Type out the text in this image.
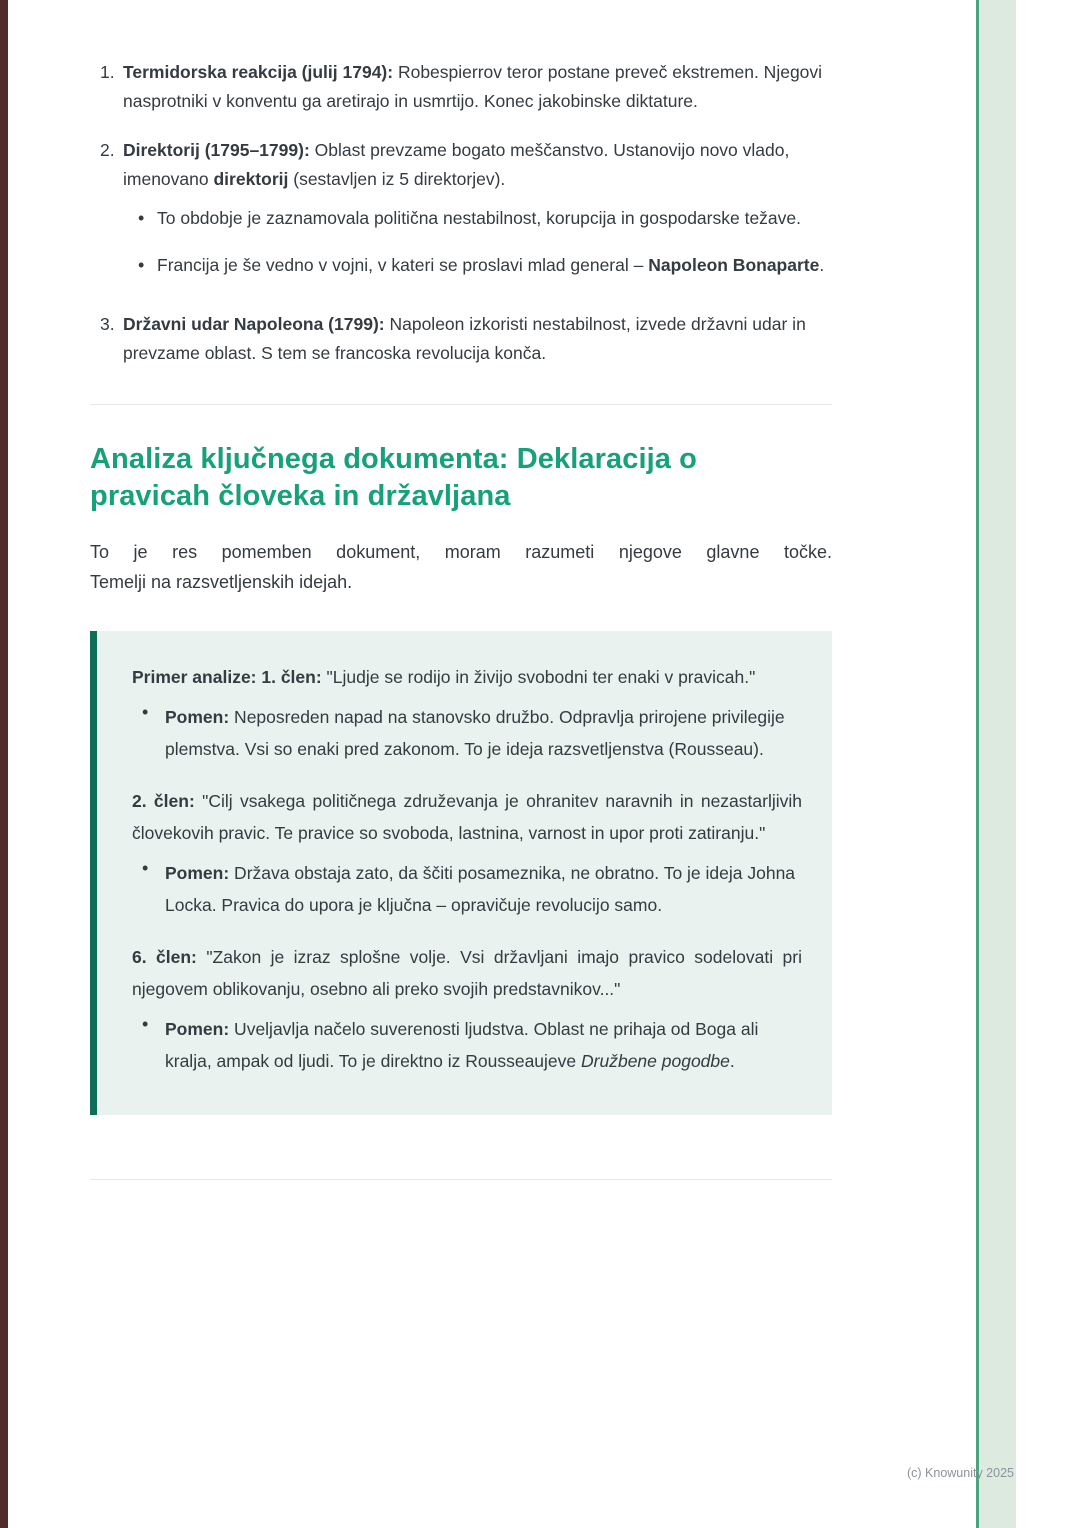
1. Termidorska reakcija (julij 1794): Robespierrov teror postane preveč ekstremen. Njegovi nasprotniki v konventu ga aretirajo in usmrtijo. Konec jakobinske diktature.

2. Direktorij (1795–1799): Oblast prevzame bogato meščanstvo. Ustanovijo novo vlado, imenovano direktorij (sestavljen iz 5 direktorjev).

• To obdobje je zaznamovala politična nestabilnost, korupcija in gospodarske težave.

• Francija je še vedno v vojni, v kateri se proslavi mlad general – Napoleon Bonaparte.

3. Državni udar Napoleona (1799): Napoleon izkoristi nestabilnost, izvede državni udar in prevzame oblast. S tem se francoska revolucija konča.

Analiza ključnega dokumenta: Deklaracija o pravicah človeka in državljana

To je res pomemben dokument, moram razumeti njegove glavne točke.
Temelji na razsvetljenskih idejah.

Primer analize: 1. člen: "Ljudje se rodijo in živijo svobodni ter enaki v pravicah."

• Pomen: Neposreden napad na stanovsko družbo. Odpravlja prirojene privilegije plemstva. Vsi so enaki pred zakonom. To je ideja razsvetljenstva (Rousseau).

2. člen: "Cilj vsakega političnega združevanja je ohranitev naravnih in nezastarljivih človekovih pravic. Te pravice so svoboda, lastnina, varnost in upor proti zatiranju."

• Pomen: Država obstaja zato, da ščiti posameznika, ne obratno. To je ideja Johna Locka. Pravica do upora je ključna – opravičuje revolucijo samo.

6. člen: "Zakon je izraz splošne volje. Vsi državljani imajo pravico sodelovati pri njegovem oblikovanju, osebno ali preko svojih predstavnikov..."

• Pomen: Uveljavlja načelo suverenosti ljudstva. Oblast ne prihaja od Boga ali kralja, ampak od ljudi. To je direktno iz Rousseaujeve Družbene pogodbe.

(c) Knowunity 2025
